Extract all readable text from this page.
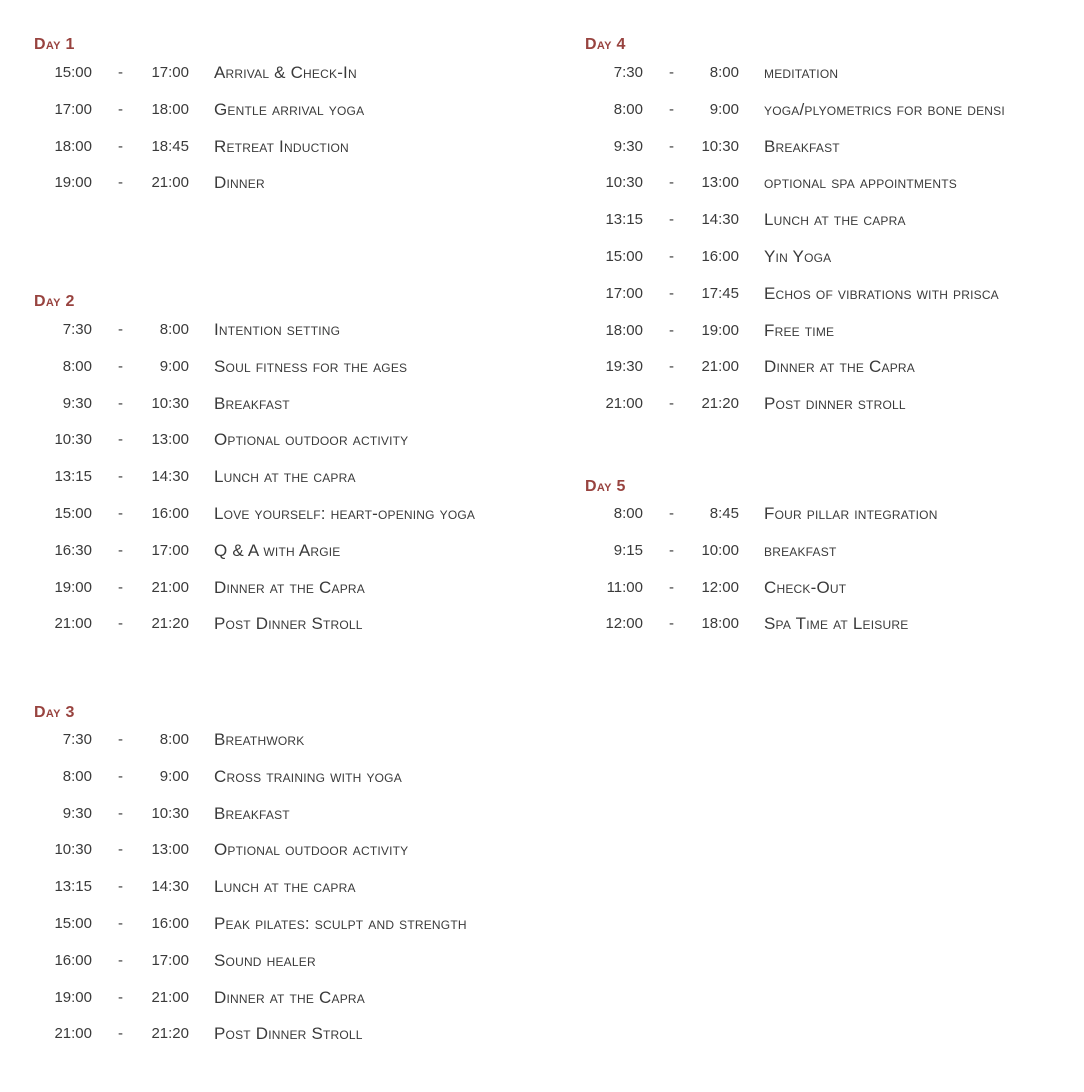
Day 1
15:00 -	17:00 Arrival & Check-In
17:00 -	18:00 Gentle arrival yoga
18:00 -	18:45 Retreat Induction
19:00 -	21:00 Dinner
Day 2
7:30 -	8:00 Intention setting
8:00 -	9:00 Soul fitness for the ages
9:30 -	10:30 Breakfast
10:30 -	13:00 Optional outdoor activity
13:15 -	14:30 Lunch at the capra
15:00 -	16:00 Love yourself: heart-opening yoga
16:30 -	17:00 Q & A with Argie
19:00 -	21:00 Dinner at the Capra
21:00 -	21:20 Post Dinner Stroll
Day 3
7:30 -	8:00 Breathwork
8:00 -	9:00 Cross training with yoga
9:30 -	10:30 Breakfast
10:30 -	13:00 Optional outdoor activity
13:15 -	14:30 Lunch at the capra
15:00 -	16:00 Peak pilates: sculpt and strength
16:00 -	17:00 Sound healer
19:00 -	21:00 Dinner at the Capra
21:00 -	21:20 Post Dinner Stroll
Day 4
7:30 -	8:00 meditation
8:00 -	9:00 yoga/plyometrics for bone densi
9:30 -	10:30 Breakfast
10:30 -	13:00 optional spa appointments
13:15 -	14:30 Lunch at the capra
15:00 -	16:00 Yin Yoga
17:00 -	17:45 Echos of vibrations with prisca
18:00 -	19:00 Free time
19:30 -	21:00 Dinner at the Capra
21:00 -	21:20 Post dinner stroll
Day 5
8:00 -	8:45 Four pillar integration
9:15 -	10:00 breakfast
11:00 -	12:00 Check-Out
12:00 -	18:00 Spa Time at Leisure
